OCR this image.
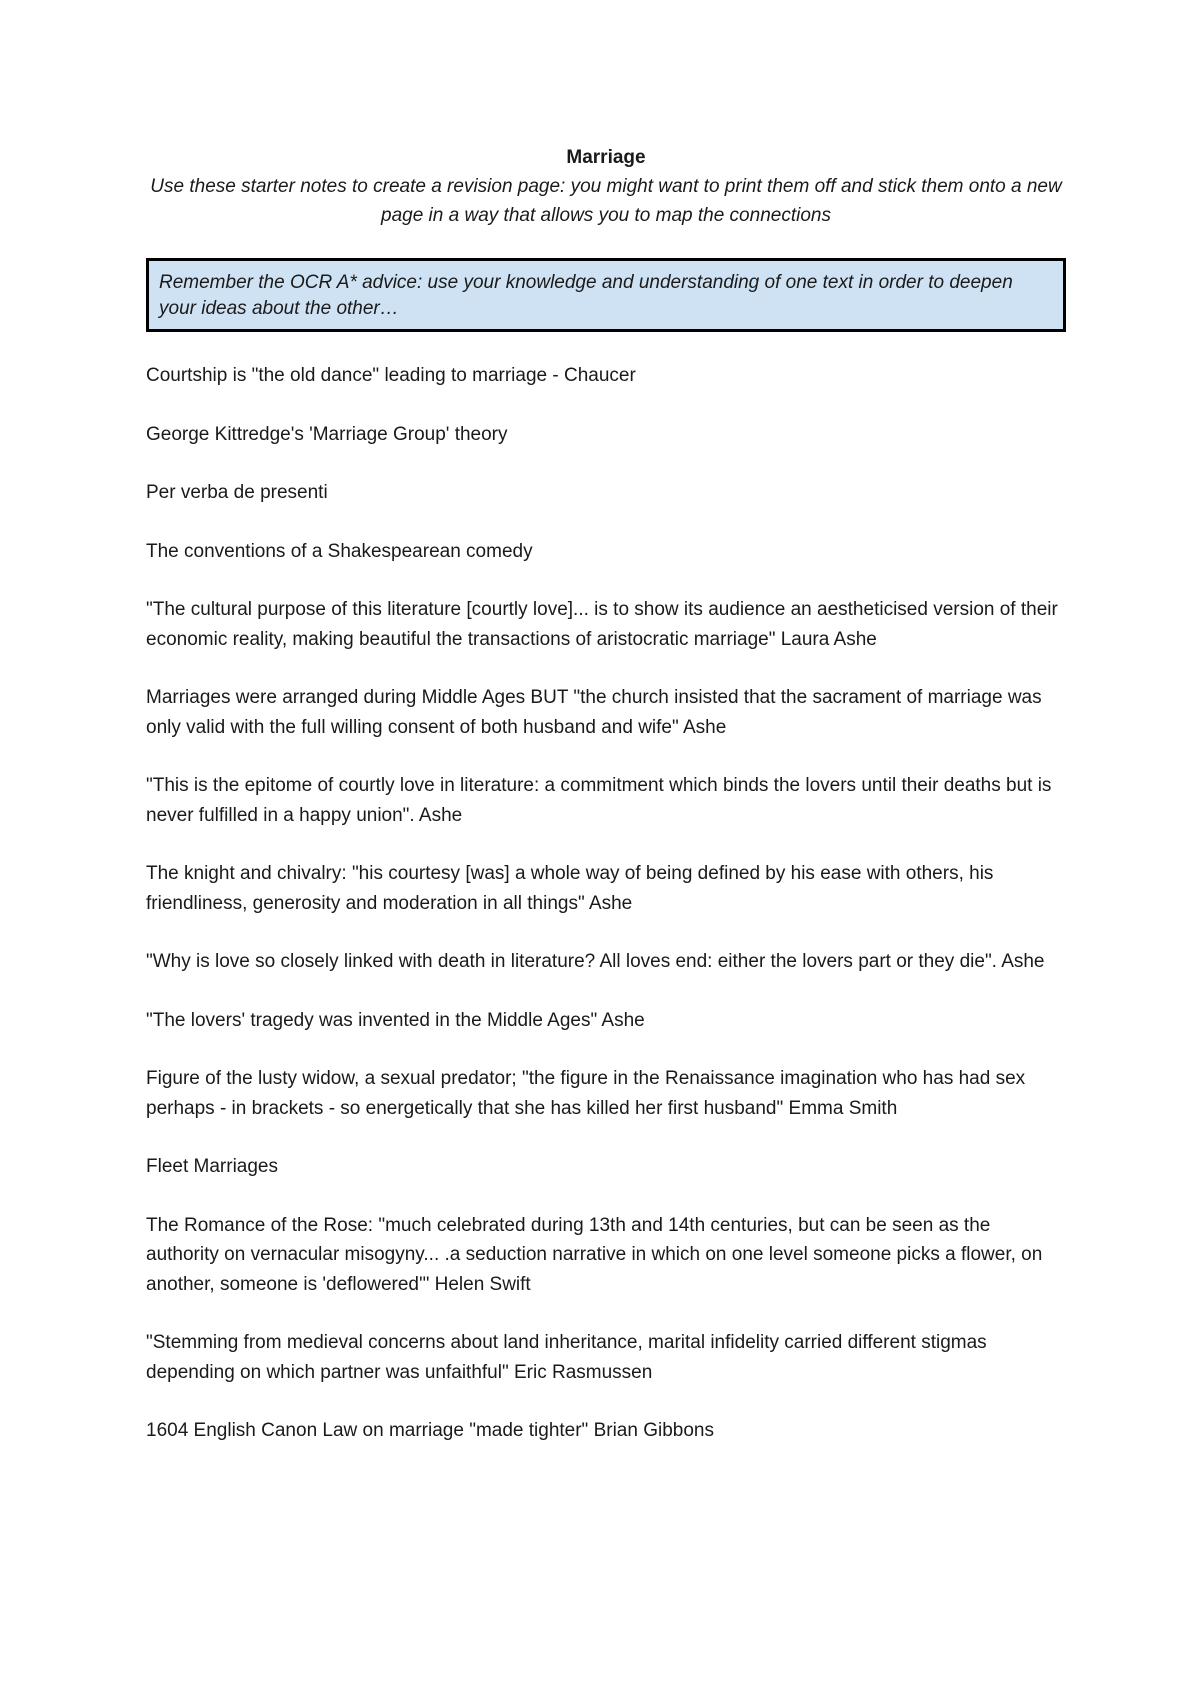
Marriage

Use these starter notes to create a revision page: you might want to print them off and stick them onto a new page in a way that allows you to map the connections

Remember the OCR A* advice: use your knowledge and understanding of one text in order to deepen your ideas about the other…

Courtship is "the old dance" leading to marriage - Chaucer

George Kittredge's 'Marriage Group' theory

Per verba de presenti

The conventions of a Shakespearean comedy

"The cultural purpose of this literature [courtly love]... is to show its audience an aestheticised version of their economic reality, making beautiful the transactions of aristocratic marriage" Laura Ashe

Marriages were arranged during Middle Ages BUT "the church insisted that the sacrament of marriage was only valid with the full willing consent of both husband and wife" Ashe

"This is the epitome of courtly love in literature: a commitment which binds the lovers until their deaths but is never fulfilled in a happy union". Ashe

The knight and chivalry: "his courtesy [was] a whole way of being defined by his ease with others, his friendliness, generosity and moderation in all things" Ashe

"Why is love so closely linked with death in literature? All loves end: either the lovers part or they die". Ashe

"The lovers' tragedy was invented in the Middle Ages" Ashe

Figure of the lusty widow, a sexual predator; "the figure in the Renaissance imagination who has had sex perhaps - in brackets - so energetically that she has killed her first husband" Emma Smith

Fleet Marriages

The Romance of the Rose: "much celebrated during 13th and 14th centuries, but can be seen as the authority on vernacular misogyny... .a seduction narrative in which on one level someone picks a flower, on another, someone is 'deflowered'" Helen Swift

"Stemming from medieval concerns about land inheritance, marital infidelity carried different stigmas depending on which partner was unfaithful" Eric Rasmussen

1604 English Canon Law on marriage "made tighter" Brian Gibbons
